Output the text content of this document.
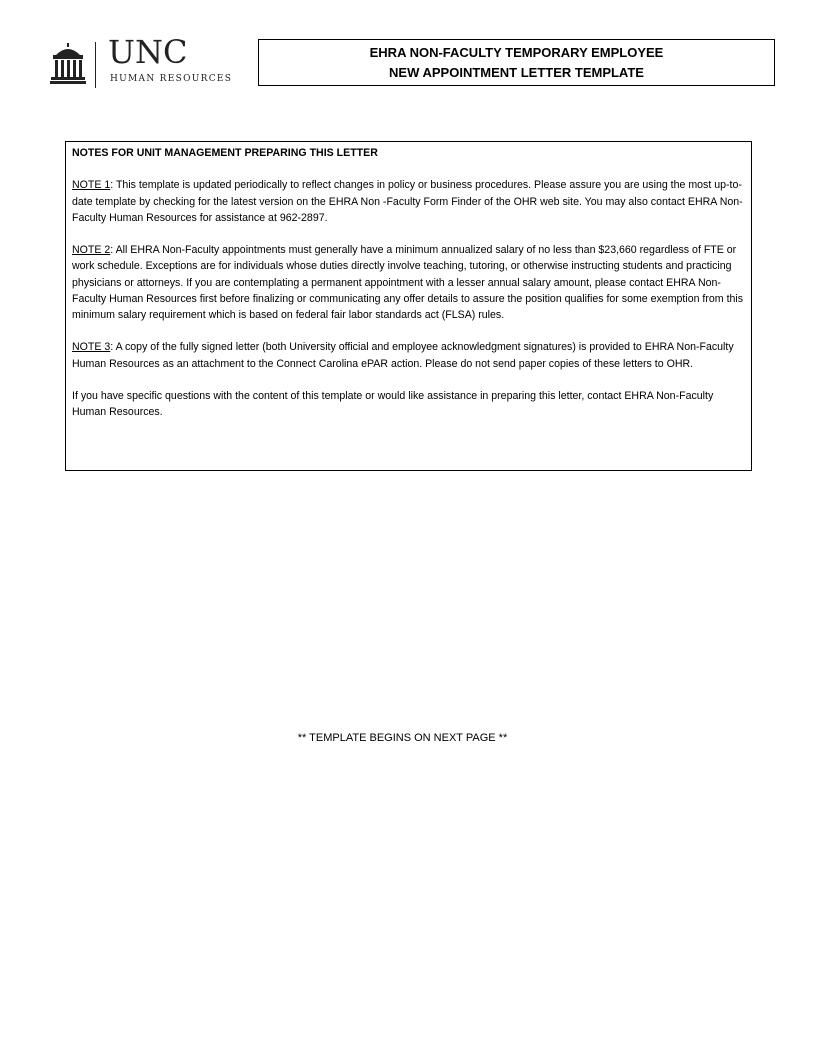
UNC
HUMAN RESOURCES
EHRA NON-FACULTY TEMPORARY EMPLOYEE
NEW APPOINTMENT LETTER TEMPLATE

NOTES FOR UNIT MANAGEMENT PREPARING THIS LETTER

NOTE 1: This template is updated periodically to reflect changes in policy or business procedures. Please assure you are using the most up-to-date template by checking for the latest version on the EHRA Non -Faculty Form Finder of the OHR web site. You may also contact EHRA Non-Faculty Human Resources for assistance at 962-2897.

NOTE 2: All EHRA Non-Faculty appointments must generally have a minimum annualized salary of no less than $23,660 regardless of FTE or work schedule. Exceptions are for individuals whose duties directly involve teaching, tutoring, or otherwise instructing students and practicing physicians or attorneys. If you are contemplating a permanent appointment with a lesser annual salary amount, please contact EHRA Non-Faculty Human Resources first before finalizing or communicating any offer details to assure the position qualifies for some exemption from this minimum salary requirement which is based on federal fair labor standards act (FLSA) rules.

NOTE 3: A copy of the fully signed letter (both University official and employee acknowledgment signatures) is provided to EHRA Non-Faculty Human Resources as an attachment to the Connect Carolina ePAR action. Please do not send paper copies of these letters to OHR.

If you have specific questions with the content of this template or would like assistance in preparing this letter, contact EHRA Non-Faculty Human Resources.

** TEMPLATE BEGINS ON NEXT PAGE **
